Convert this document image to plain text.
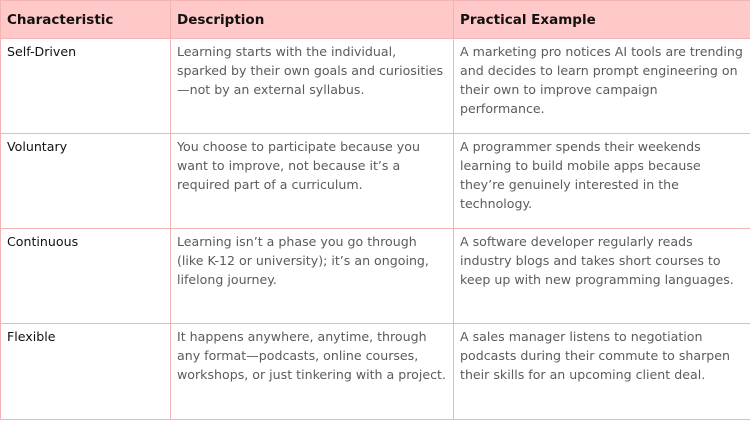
Characteristic	Description	Practical Example
Self-Driven	Learning starts with the individual, sparked by their own goals and curiosities—not by an external syllabus.	A marketing pro notices AI tools are trending and decides to learn prompt engineering on their own to improve campaign performance.
Voluntary	You choose to participate because you want to improve, not because it’s a required part of a curriculum.	A programmer spends their weekends learning to build mobile apps because they’re genuinely interested in the technology.
Continuous	Learning isn’t a phase you go through (like K-12 or university); it’s an ongoing, lifelong journey.	A software developer regularly reads industry blogs and takes short courses to keep up with new programming languages.
Flexible	It happens anywhere, anytime, through any format—podcasts, online courses, workshops, or just tinkering with a project.	A sales manager listens to negotiation podcasts during their commute to sharpen their skills for an upcoming client deal.
